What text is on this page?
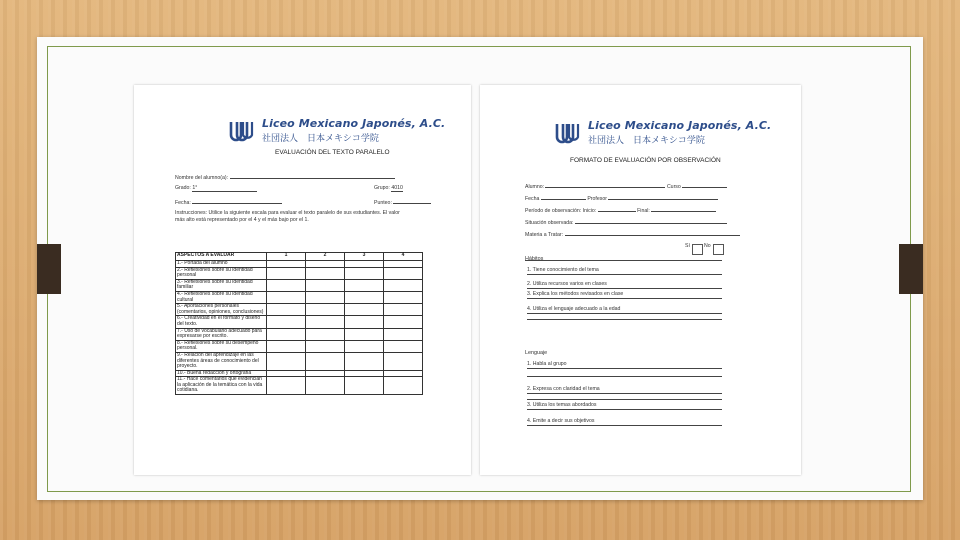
Liceo Mexicano Japonés, A.C.
社団法人　日本メキシコ学院
EVALUACIÓN DEL TEXTO PARALELO
Nombre del alumno(a):
Grado: 1°	Grupo: 4010
Fecha:	Punteo:
Instrucciones: Utilice la siguiente escala para evaluar el texto paralelo de sus estudiantes. El valor
más alto está representado por el 4 y el más bajo por el 1.
ASPECTOS A EVALUAR	1	2	3	4
1.- Portada del alumno				
2.- Reflexiones sobre su identidad personal				
3.- Reflexiones sobre su identidad familiar				
4.- Reflexiones sobre su identidad cultural				
5.- Aportaciones personales (comentarios, opiniones, conclusiones)				
6.- Creatividad en el formato y diseño del texto.				
7.- Uso de vocabulario adecuado para expresarse por escrito.				
8.- Reflexiones sobre su desempeño personal.				
9.- Relación del aprendizaje en las diferentes áreas de conocimiento del proyecto.				
10.- Buena redacción y ortografía				
11.- Hace comentarios que evidencian la aplicación de la temática con la vida cotidiana.				
Liceo Mexicano Japonés, A.C.
社団法人　日本メキシコ学院
FORMATO DE EVALUACIÓN POR OBSERVACIÓN
Alumno:	Curso
Fecha	Profesor
Período de observación: Inicio:	Final:
Situación observada:
Materia a Tratar:
Sí	No
Hábitos
1. Tiene conocimiento del tema
2. Utiliza recursos varios en clases
3. Explica los métodos revisados en clase
4. Utiliza el lenguaje adecuado a la edad
Lenguaje
1. Habla al grupo
2. Expresa con claridad el tema
3. Utiliza los temas abordados
4. Emite a decir sus objetivos
